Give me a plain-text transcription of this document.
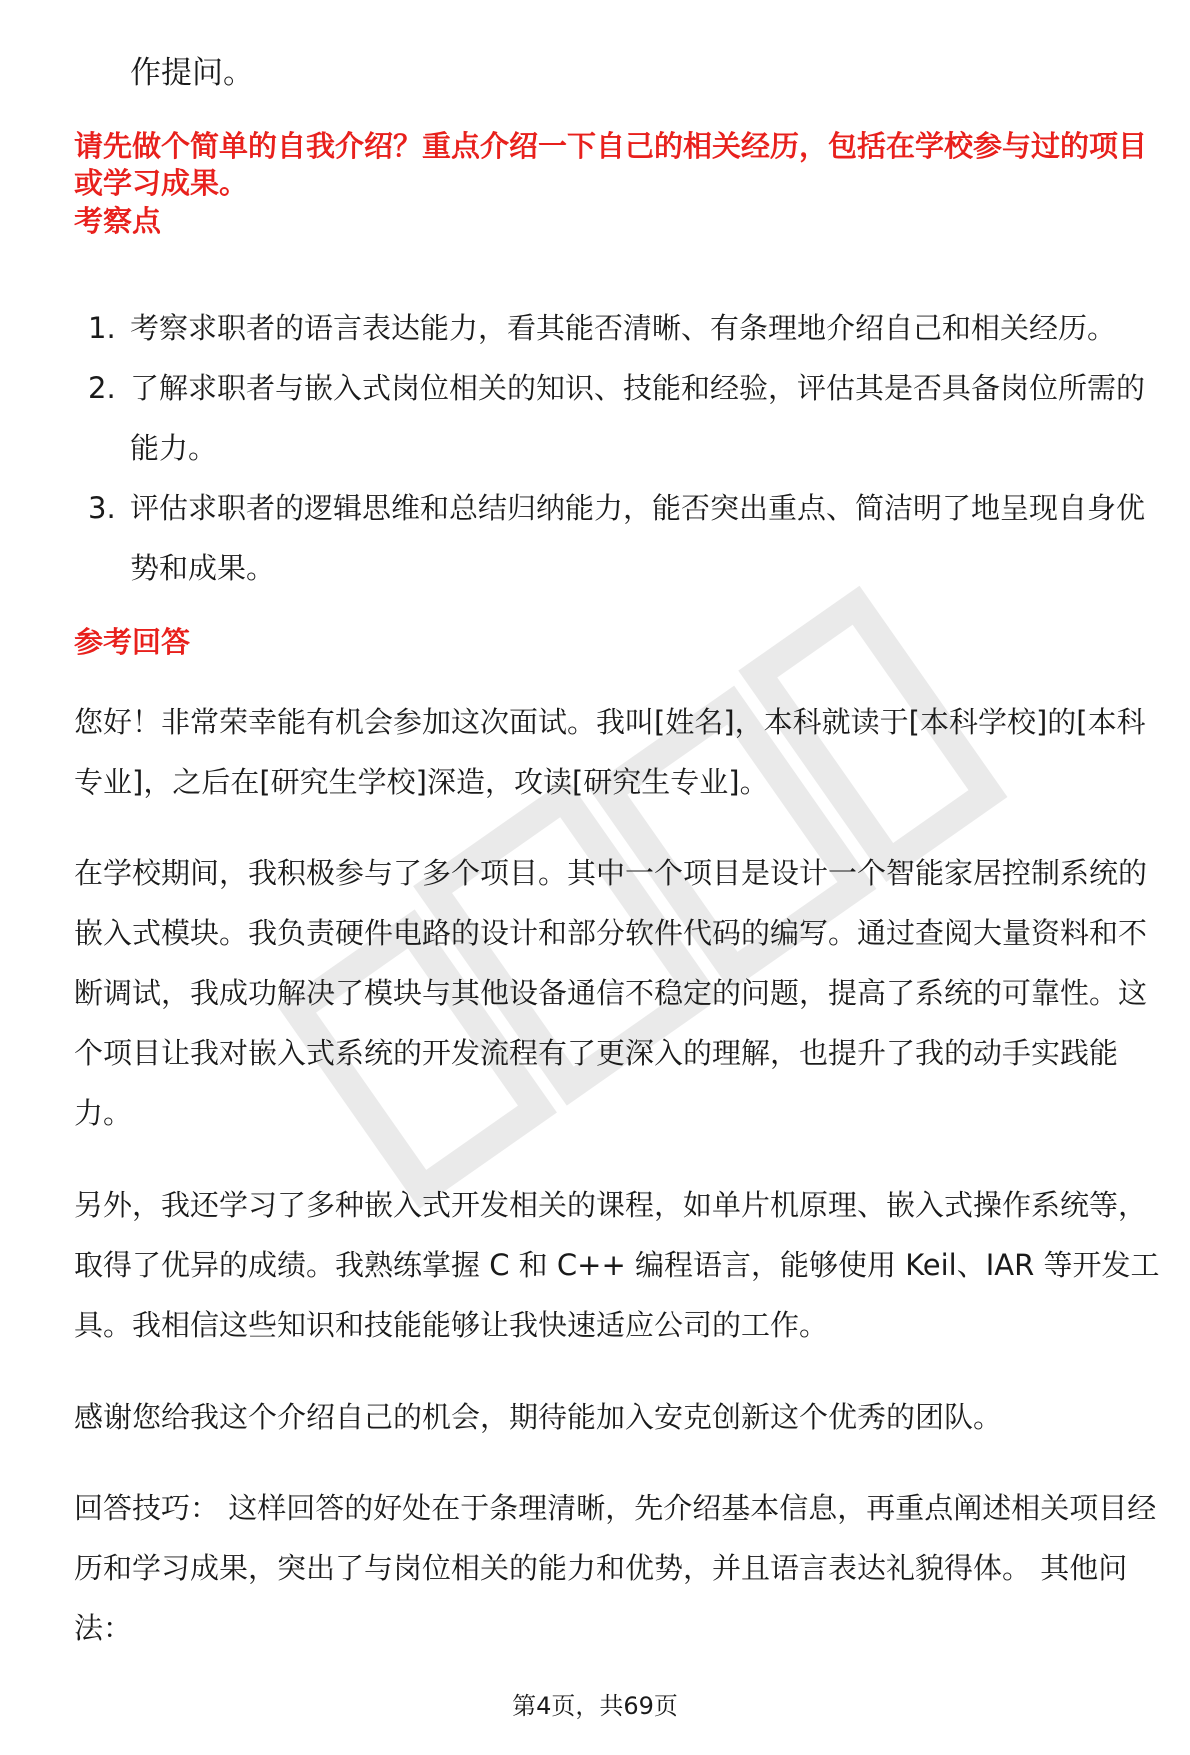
作提问。
请先做个简单的自我介绍？重点介绍一下自己的相关经历，包括在学校参与过的项目或学习成果。
考察点
1. 考察求职者的语言表达能力，看其能否清晰、有条理地介绍自己和相关经历。
2. 了解求职者与嵌入式岗位相关的知识、技能和经验，评估其是否具备岗位所需的能力。
3. 评估求职者的逻辑思维和总结归纳能力，能否突出重点、简洁明了地呈现自身优势和成果。
参考回答

您好！非常荣幸能有机会参加这次面试。我叫[姓名]，本科就读于[本科学校]的[本科专业]，之后在[研究生学校]深造，攻读[研究生专业]。

在学校期间，我积极参与了多个项目。其中一个项目是设计一个智能家居控制系统的嵌入式模块。我负责硬件电路的设计和部分软件代码的编写。通过查阅大量资料和不断调试，我成功解决了模块与其他设备通信不稳定的问题，提高了系统的可靠性。这个项目让我对嵌入式系统的开发流程有了更深入的理解，也提升了我的动手实践能力。

另外，我还学习了多种嵌入式开发相关的课程，如单片机原理、嵌入式操作系统等，取得了优异的成绩。我熟练掌握 C 和 C++ 编程语言，能够使用 Keil、IAR 等开发工具。我相信这些知识和技能能够让我快速适应公司的工作。

感谢您给我这个介绍自己的机会，期待能加入安克创新这个优秀的团队。

回答技巧： 这样回答的好处在于条理清晰，先介绍基本信息，再重点阐述相关项目经历和学习成果，突出了与岗位相关的能力和优势，并且语言表达礼貌得体。 其他问法：

第4页，共69页
